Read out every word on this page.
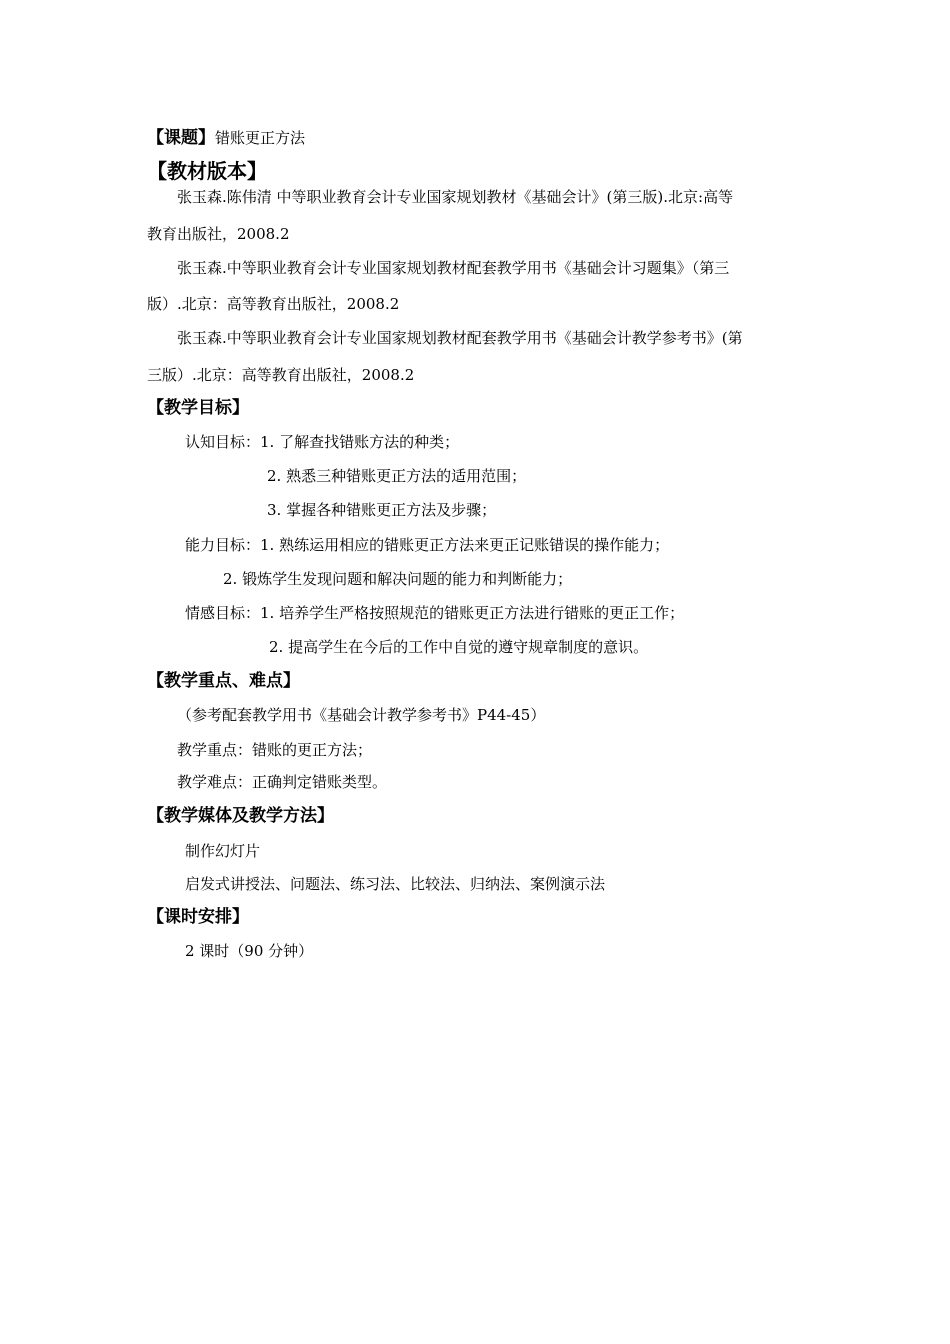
【课题】错账更正方法
【教材版本】
张玉森.陈伟清 中等职业教育会计专业国家规划教材《基础会计》(第三版).北京:高等
教育出版社，2008.2
张玉森.中等职业教育会计专业国家规划教材配套教学用书《基础会计习题集》（第三
版）.北京：高等教育出版社，2008.2
张玉森.中等职业教育会计专业国家规划教材配套教学用书《基础会计教学参考书》(第
三版）.北京：高等教育出版社，2008.2
【教学目标】
认知目标：1. 了解查找错账方法的种类；
2. 熟悉三种错账更正方法的适用范围；
3. 掌握各种错账更正方法及步骤；
能力目标：1. 熟练运用相应的错账更正方法来更正记账错误的操作能力；
2. 锻炼学生发现问题和解决问题的能力和判断能力；
情感目标：1. 培养学生严格按照规范的错账更正方法进行错账的更正工作；
2. 提高学生在今后的工作中自觉的遵守规章制度的意识。
【教学重点、难点】
（参考配套教学用书《基础会计教学参考书》P44-45）
教学重点：错账的更正方法；
教学难点：正确判定错账类型。
【教学媒体及教学方法】
制作幻灯片
启发式讲授法、问题法、练习法、比较法、归纳法、案例演示法
【课时安排】
2 课时（90 分钟）
